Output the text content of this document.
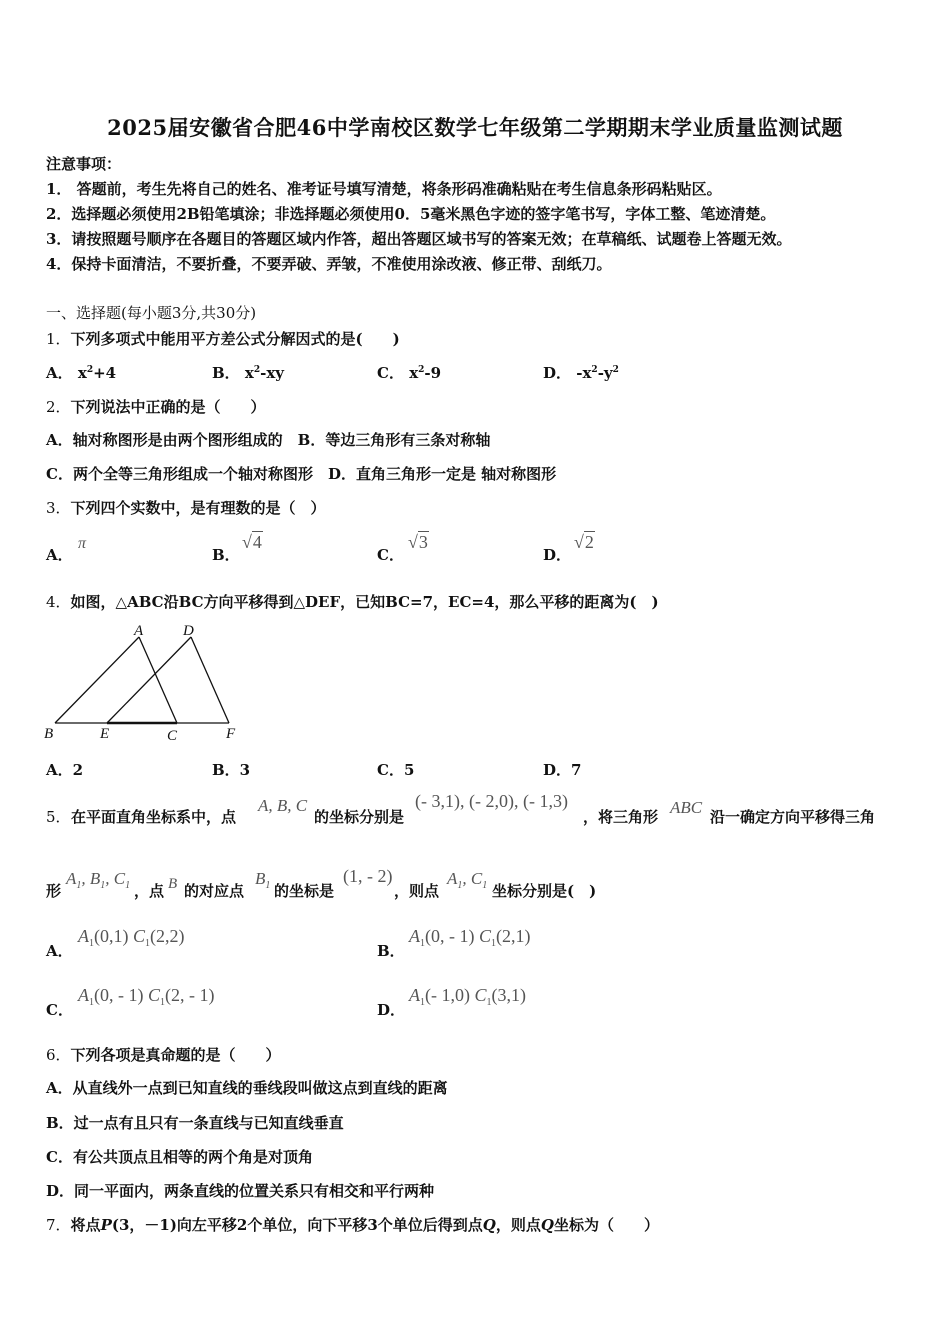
2025届安徽省合肥46中学南校区数学七年级第二学期期末学业质量监测试题
注意事项：
1． 答题前，考生先将自己的姓名、准考证号填写清楚，将条形码准确粘贴在考生信息条形码粘贴区。
2．选择题必须使用2B铅笔填涂；非选择题必须使用0．5毫米黑色字迹的签字笔书写，字体工整、笔迹清楚。
3．请按照题号顺序在各题目的答题区域内作答，超出答题区域书写的答案无效；在草稿纸、试题卷上答题无效。
4．保持卡面清洁，不要折叠，不要弄破、弄皱，不准使用涂改液、修正带、刮纸刀。
一、选择题(每小题3分,共30分)
1．下列多项式中能用平方差公式分解因式的是(　　)
A． $x^2+4$	B． $x^2-xy$	C． $x^2-9$	D． $-x^2-y^2$
2．下列说法中正确的是（　　）
A．轴对称图形是由两个图形组成的　B．等边三角形有三条对称轴
C．两个全等三角形组成一个轴对称图形　D．直角三角形一定是 轴对称图形
3．下列四个实数中，是有理数的是（　）
A．
π
B．
√4
C．
√3
D．
√2
4．如图，△ABC沿BC方向平移得到△DEF，已知BC=7，EC=4，那么平移的距离为(　)
A	D
B	E	C	F
A．2	B．3	C．5	D．7
5． 在平面直角坐标系中，点
A, B, C
的坐标分别是
(- 3,1), (- 2,0), (- 1,3)
，将三角形 ABC 沿一确定方向平移得三角
形
$A_1$, $B_1$, $C_1$ ，点 B 的对应点
$B_1$ 的坐标是
(1, - 2)
，则点
$A_1$, $C_1$ 坐标分别是(　)
A．
$A_1(0,1)$ $C_1(2,2)$
B．
$A_1(0$, - 1) $C_1(2,1)$
C．
$A_1(0$, - 1) $C_1(2$, - 1)
D．
$A_1(-$ 1,0) $C_1(3,1)$
6．下列各项是真命题的是（　　）
A．从直线外一点到已知直线的垂线段叫做这点到直线的距离
B．过一点有且只有一条直线与已知直线垂直
C．有公共顶点且相等的两个角是对顶角
D．同一平面内，两条直线的位置关系只有相交和平行两种
7．将点P(3，－1)向左平移2个单位，向下平移3个单位后得到点Q，则点Q坐标为（　　）
